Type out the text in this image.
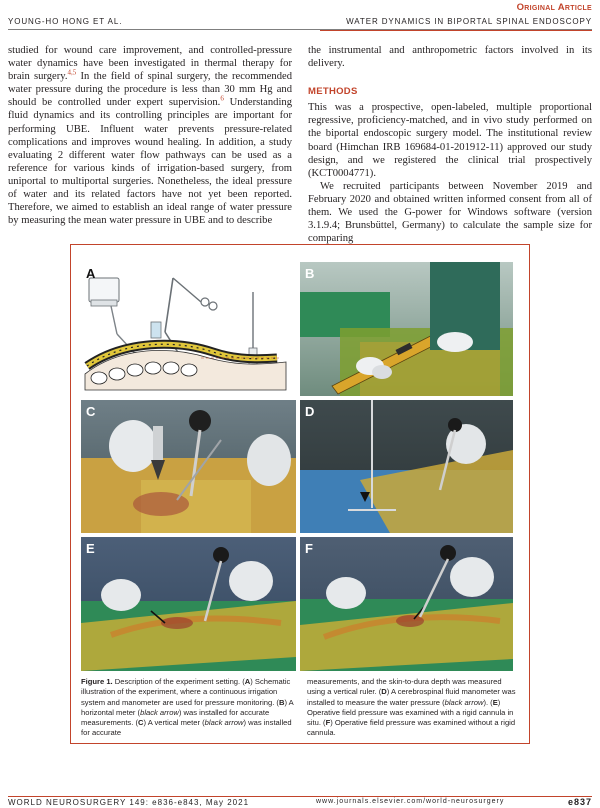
YOUNG-HO HONG ET AL.
Original Article
WATER DYNAMICS IN BIPORTAL SPINAL ENDOSCOPY

studied for wound care improvement, and controlled-pressure water dynamics have been investigated in thermal therapy for brain surgery.$^{4,5}$ In the field of spinal surgery, the recommended water pressure during the procedure is less than 30 mm Hg and should be controlled under expert supervision.$^6$ Understanding fluid dynamics and its controlling principles are important for performing UBE. Influent water prevents pressure-related complications and improves wound healing. In addition, a study evaluating 2 different water flow pathways can be used as a reference for various kinds of irrigation-based surgery, from uniportal to multiportal surgeries. Nonetheless, the ideal pressure of water and its related factors have not yet been reported. Therefore, we aimed to establish an ideal range of water pressure by measuring the mean water pressure in UBE and to describe

the instrumental and anthropometric factors involved in its delivery.

METHODS

This was a prospective, open-labeled, multiple proportional regressive, proficiency-matched, and in vivo study performed on the biportal endoscopic surgery model. The institutional review board (Himchan IRB 169684-01-201912-11) approved our study design, and we registered the clinical trial prospectively (KCT0004771).

We recruited participants between November 2019 and February 2020 and obtained written informed consent from all of them. We used the G-power for Windows software (version 3.1.9.4; Brunsbüttel, Germany) to calculate the sample size for comparing

A	B
C	D
E	F
Figure 1. Description of the experiment setting. (A) Schematic illustration of the experiment, where a continuous irrigation system and manometer are used for pressure monitoring. (B) A horizontal meter (black arrow) was installed for accurate measurements. (C) A vertical meter (black arrow) was installed for accurate
measurements, and the skin-to-dura depth was measured using a vertical ruler. (D) A cerebrospinal fluid manometer was installed to measure the water pressure (black arrow). (E) Operative field pressure was examined with a rigid cannula in situ. (F) Operative field pressure was examined without a rigid cannula.
WORLD NEUROSURGERY 149: e836-e843, May 2021	www.journals.elsevier.com/world-neurosurgery	e837
